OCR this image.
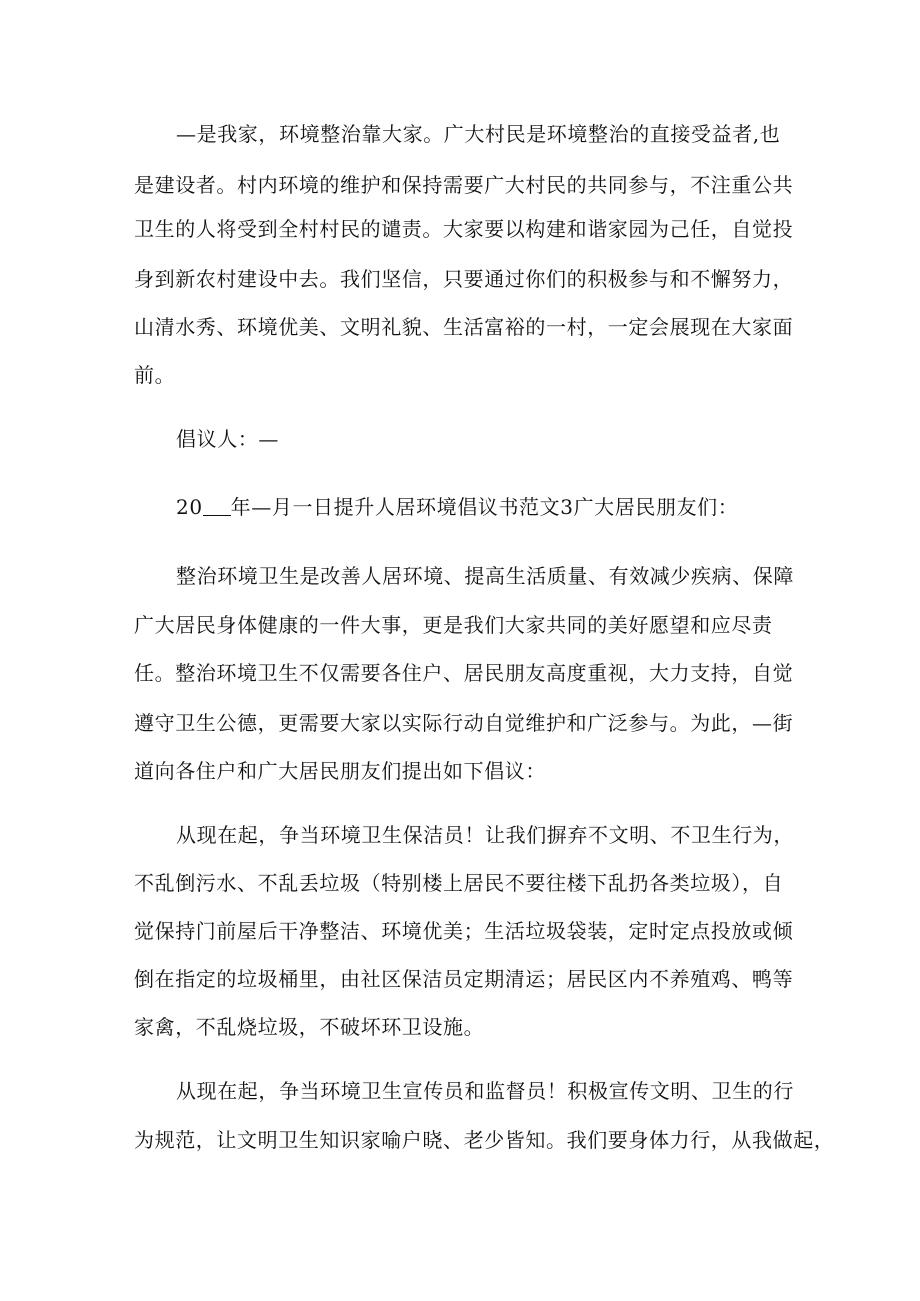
—是我家，环境整治靠大家。广大村民是环境整治的直接受益者,也
是建设者。村内环境的维护和保持需要广大村民的共同参与，不注重公共
卫生的人将受到全村村民的谴责。大家要以构建和谐家园为己任，自觉投
身到新农村建设中去。我们坚信，只要通过你们的积极参与和不懈努力，
山清水秀、环境优美、文明礼貌、生活富裕的一村，一定会展现在大家面
前。
倡议人：—
20 年—月一日提升人居环境倡议书范文3广大居民朋友们：
整治环境卫生是改善人居环境、提高生活质量、有效减少疾病、保障
广大居民身体健康的一件大事，更是我们大家共同的美好愿望和应尽责
任。整治环境卫生不仅需要各住户、居民朋友高度重视，大力支持，自觉
遵守卫生公德，更需要大家以实际行动自觉维护和广泛参与。为此，—街
道向各住户和广大居民朋友们提出如下倡议：
从现在起，争当环境卫生保洁员！让我们摒弃不文明、不卫生行为，
不乱倒污水、不乱丢垃圾（特别楼上居民不要往楼下乱扔各类垃圾），自
觉保持门前屋后干净整洁、环境优美；生活垃圾袋装，定时定点投放或倾
倒在指定的垃圾桶里，由社区保洁员定期清运；居民区内不养殖鸡、鸭等
家禽，不乱烧垃圾，不破坏环卫设施。
从现在起，争当环境卫生宣传员和监督员！积极宣传文明、卫生的行
为规范，让文明卫生知识家喻户晓、老少皆知。我们要身体力行，从我做起，
